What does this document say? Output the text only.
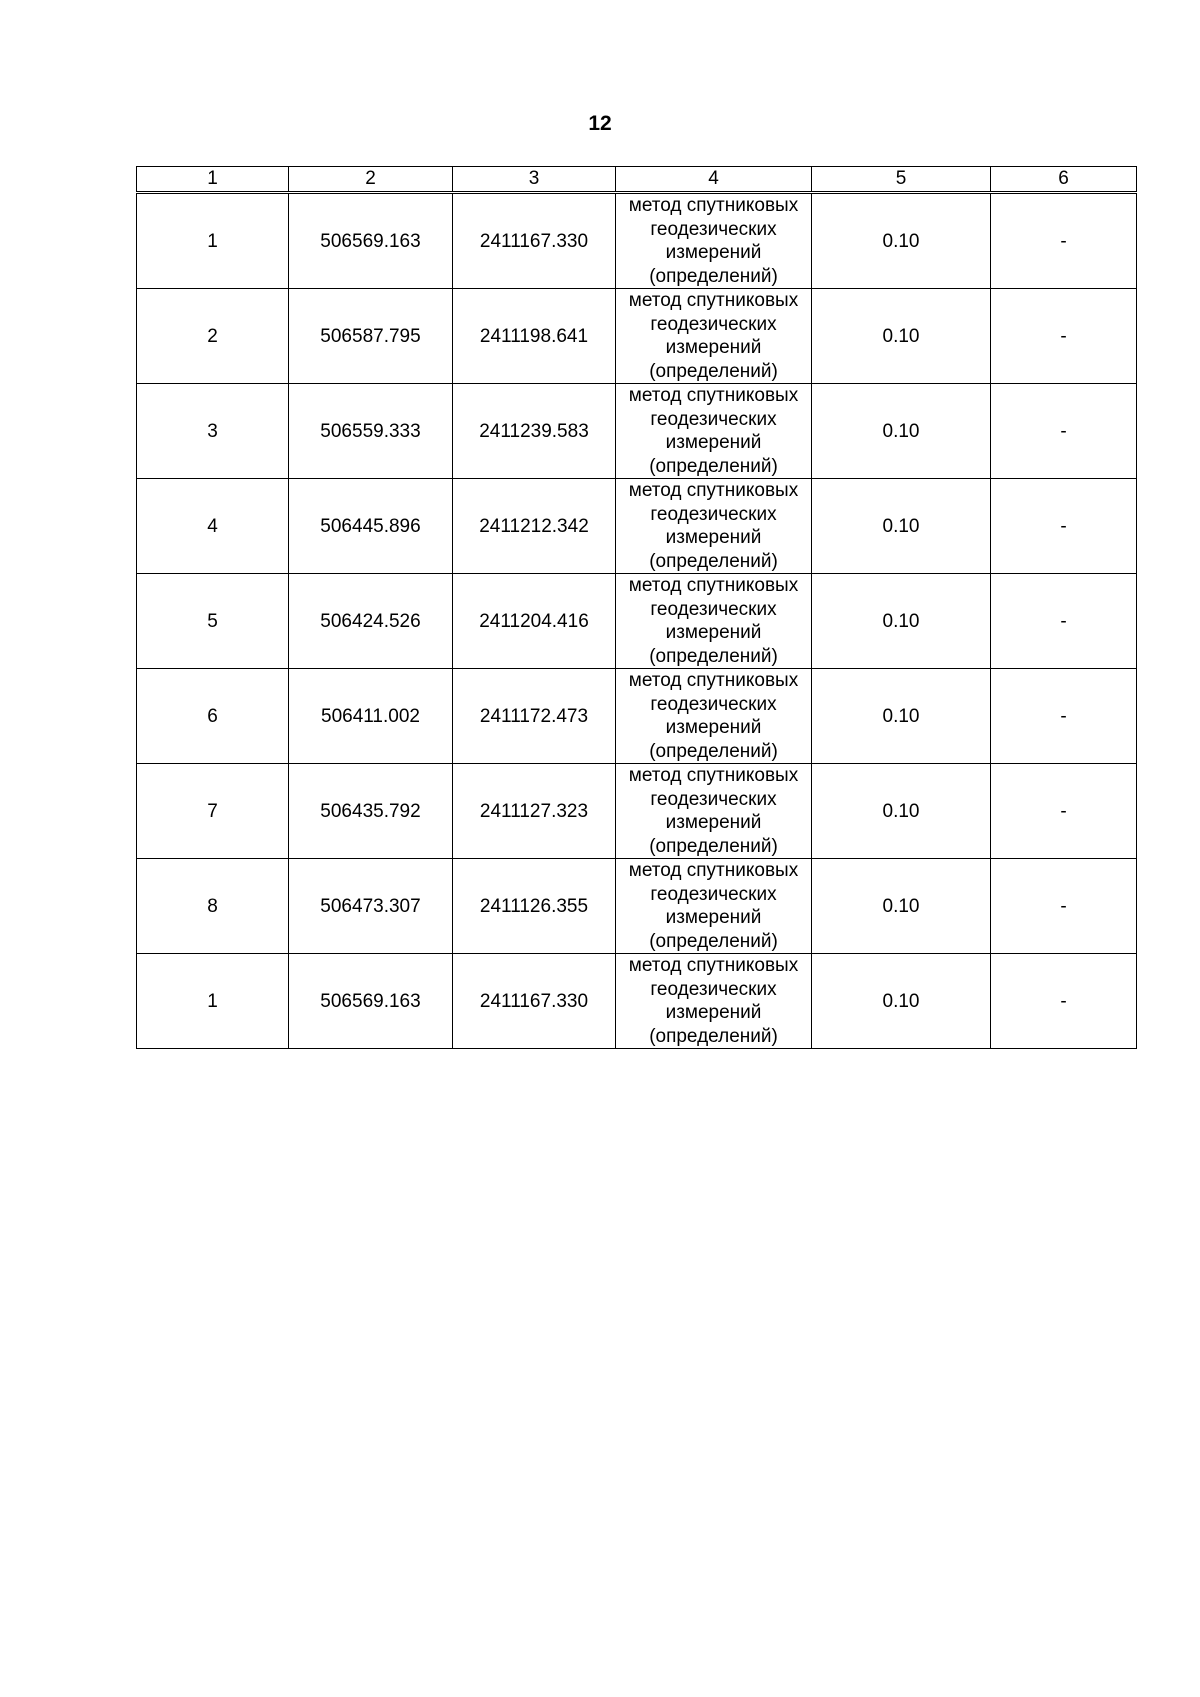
12
1	2	3	4	5	6
1	506569.163	2411167.330	метод спутниковых геодезических измерений (определений)	0.10	-
2	506587.795	2411198.641	метод спутниковых геодезических измерений (определений)	0.10	-
3	506559.333	2411239.583	метод спутниковых геодезических измерений (определений)	0.10	-
4	506445.896	2411212.342	метод спутниковых геодезических измерений (определений)	0.10	-
5	506424.526	2411204.416	метод спутниковых геодезических измерений (определений)	0.10	-
6	506411.002	2411172.473	метод спутниковых геодезических измерений (определений)	0.10	-
7	506435.792	2411127.323	метод спутниковых геодезических измерений (определений)	0.10	-
8	506473.307	2411126.355	метод спутниковых геодезических измерений (определений)	0.10	-
1	506569.163	2411167.330	метод спутниковых геодезических измерений (определений)	0.10	-
